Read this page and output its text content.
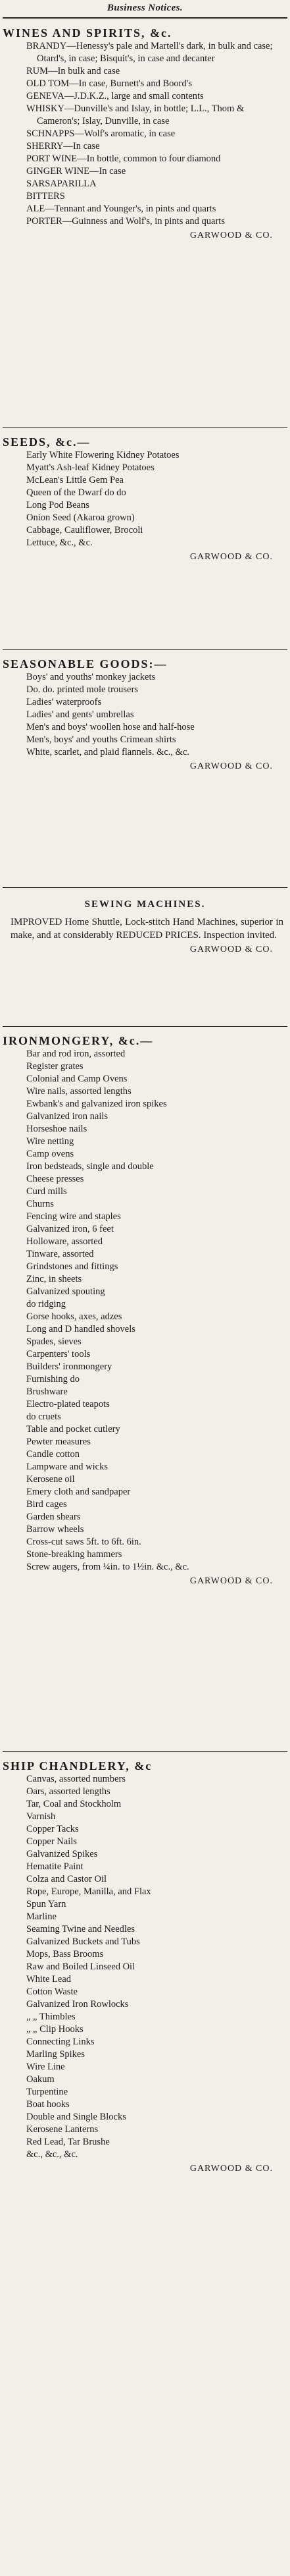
Business Notices.
WINES AND SPIRITS, &c.
BRANDY—Henessy's pale and Martell's dark, in bulk and case; Otard's, in case; Bisquit's, in case and decanter
RUM—In bulk and case
OLD TOM—In case, Burnett's and Boord's
GENEVA—J.D.K.Z., large and small contents
WHISKY—Dunville's and Islay, in bottle; L.L., Thom & Cameron's; Islay, Dunville, in case
SCHNAPPS—Wolf's aromatic, in case
SHERRY—In case
PORT WINE—In bottle, common to four diamond
GINGER WINE—In case
SARSAPARILLA
BITTERS
ALE—Tennant and Younger's, in pints and quarts
PORTER—Guinness and Wolf's, in pints and quarts

GARWOOD & CO.

SEEDS, &c.—
Early White Flowering Kidney Potatoes
Myatt's Ash-leaf Kidney Potatoes
McLean's Little Gem Pea
Queen of the Dwarf do do
Long Pod Beans
Onion Seed (Akaroa grown)
Cabbage, Cauliflower, Brocoli
Lettuce, &c., &c.

GARWOOD & CO.

SEASONABLE GOODS:—
Boys' and youths' monkey jackets
Do. do. printed mole trousers
Ladies' waterproofs
Ladies' and gents' umbrellas
Men's and boys' woollen hose and half-hose
Men's, boys' and youths Crimean shirts
White, scarlet, and plaid flannels. &c., &c.

GARWOOD & CO.

SEWING MACHINES.

IMPROVED Home Shuttle, Lock-stitch Hand Machines, superior in make, and at considerably REDUCED PRICES. Inspection invited.

GARWOOD & CO.

IRONMONGERY, &c.—
Bar and rod iron, assorted
Register grates
Colonial and Camp Ovens
Wire nails, assorted lengths
Ewbank's and galvanized iron spikes
Galvanized iron nails
Horseshoe nails
Wire netting
Camp ovens
Iron bedsteads, single and double
Cheese presses
Curd mills
Churns
Fencing wire and staples
Galvanized iron, 6 feet
Holloware, assorted
Tinware, assorted
Grindstones and fittings
Zinc, in sheets
Galvanized spouting
do ridging
Gorse hooks, axes, adzes
Long and D handled shovels
Spades, sieves
Carpenters' tools
Builders' ironmongery
Furnishing do
Brushware
Electro-plated teapots
do cruets
Table and pocket cutlery
Pewter measures
Candle cotton
Lampware and wicks
Kerosene oil
Emery cloth and sandpaper
Bird cages
Garden shears
Barrow wheels
Cross-cut saws 5ft. to 6ft. 6in.
Stone-breaking hammers
Screw augers, from ¼in. to 1½in. &c., &c.

GARWOOD & CO.

SHIP CHANDLERY, &c
Canvas, assorted numbers
Oars, assorted lengths
Tar, Coal and Stockholm
Varnish
Copper Tacks
Copper Nails
Galvanized Spikes
Hematite Paint
Colza and Castor Oil
Rope, Europe, Manilla, and Flax
Spun Yarn
Marline
Seaming Twine and Needles
Galvanized Buckets and Tubs
Mops, Bass Brooms
Raw and Boiled Linseed Oil
White Lead
Cotton Waste
Galvanized Iron Rowlocks
„ „ Thimbles
„ „ Clip Hooks
Connecting Links
Marling Spikes
Wire Line
Oakum
Turpentine
Boat hooks
Double and Single Blocks
Kerosene Lanterns
Red Lead, Tar Brushe
&c., &c., &c.

GARWOOD & CO.
